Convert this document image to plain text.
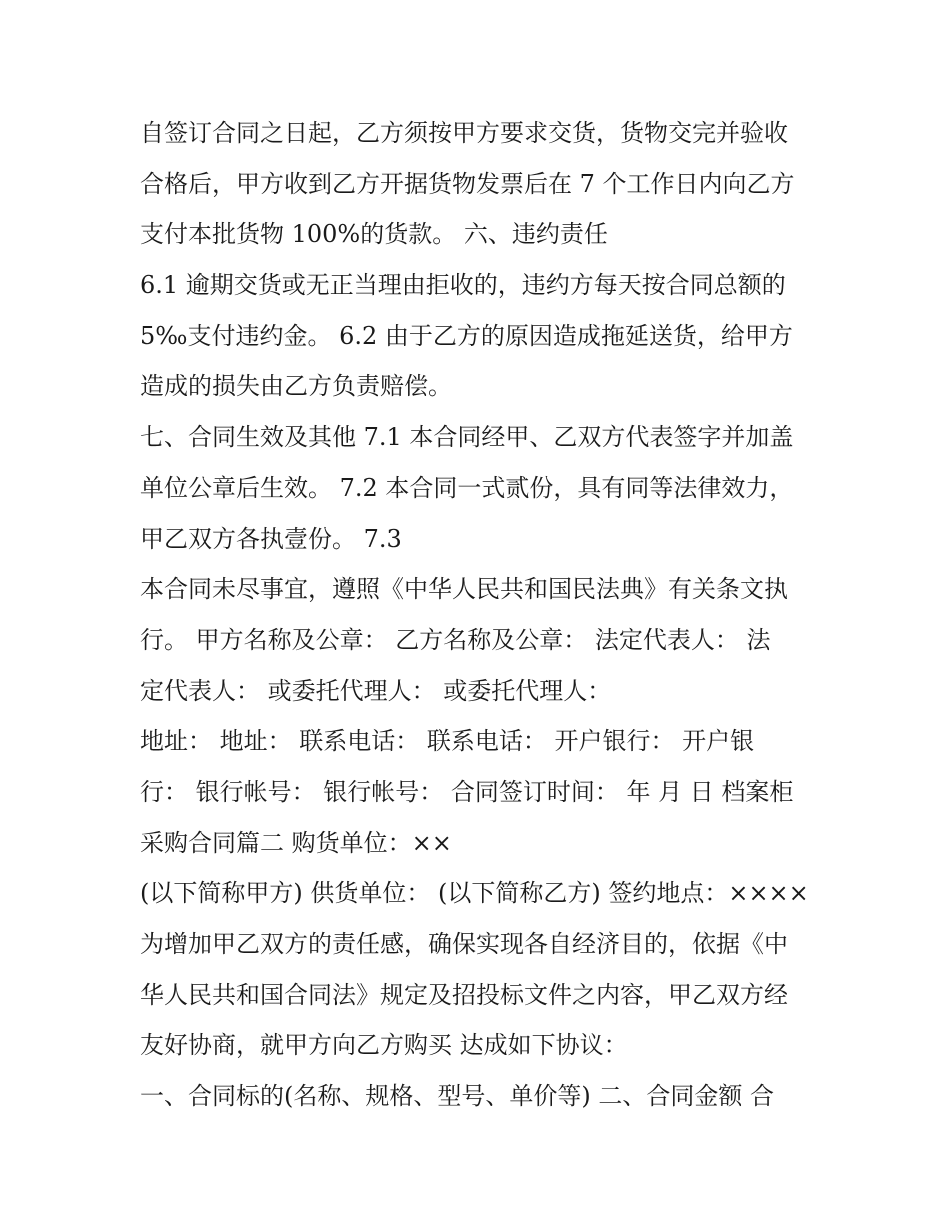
自签订合同之日起，乙方须按甲方要求交货，货物交完并验收

合格后，甲方收到乙方开据货物发票后在 7 个工作日内向乙方

支付本批货物 100%的货款。 六、违约责任

6.1 逾期交货或无正当理由拒收的，违约方每天按合同总额的

5‰支付违约金。 6.2 由于乙方的原因造成拖延送货，给甲方

造成的损失由乙方负责赔偿。

七、合同生效及其他 7.1 本合同经甲、乙双方代表签字并加盖

单位公章后生效。 7.2 本合同一式贰份，具有同等法律效力，

甲乙双方各执壹份。 7.3

本合同未尽事宜，遵照《中华人民共和国民法典》有关条文执

行。 甲方名称及公章： 乙方名称及公章： 法定代表人： 法

定代表人： 或委托代理人： 或委托代理人：

地址： 地址： 联系电话： 联系电话： 开户银行： 开户银

行： 银行帐号： 银行帐号： 合同签订时间： 年 月 日 档案柜

采购合同篇二 购货单位：××

(以下简称甲方) 供货单位： (以下简称乙方) 签约地点：××××

为增加甲乙双方的责任感，确保实现各自经济目的，依据《中

华人民共和国合同法》规定及招投标文件之内容，甲乙双方经

友好协商，就甲方向乙方购买 达成如下协议：

一、合同标的(名称、规格、型号、单价等) 二、合同金额 合
